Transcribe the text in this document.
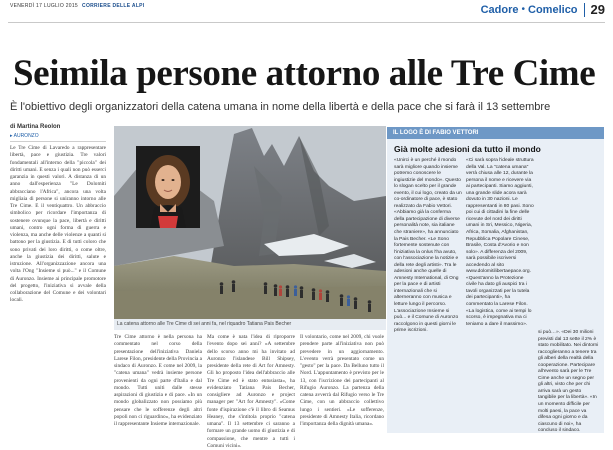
VENERDÌ 17 LUGLIO 2015 CORRIERE DELLE ALPI	Cadore • Comelico 29
Seimila persone attorno alle Tre Cime
È l'obiettivo degli organizzatori della catena umana in nome della libertà e della pace che si farà il 13 settembre
di Martina Reolon
▸ AURONZO

Le Tre Cime di Lavaredo a rappresentare libertà, pace e giustizia. Tre valori fondamentali all'interno della "piccola" dei diritti umani. E senza i quali non può esserci garanzia in questi valori. A distanza di un anno dall'esperienza "Le Dolomiti abbracciano l'Africa", ancora una volta migliaia di persone si uniranno intorno alle Tre Cime. E il ventiquattro. Un abbraccio simbolico per ricordare l'importanza di sostenere ovunque la pace, libertà e diritti umani, contro ogni forma di guerra e violenza, ma anche delle violenze a quanti si battono per la giustizia. E di tutti coloro che sono privati dei loro diritti, o come oltre, anche la giustizia dei diritti, salute e istruzione. All'organizzazione ancora una volta l'Ong "Insieme si può..." e il Comune di Auronzo. Insieme ai principale promotore del progetto, l'iniziativa si avvale della collaborazione del Comune e dei volontari locali.

Tre Cime attorno è nella persona ha commentato nel corso della presentazione dell'iniziativa Daniela Larese Filon, presidente della Provincia a sindaco di Auronzo. E come nel 2009, la "catena umana" vedrà insieme persone provenienti da ogni parte d'Italia e dal mondo. Tutti uniti dalle stesse aspirazioni di giustizia e di pace. «In un mondo globalizzato non possiamo più pensare che le sofferenze degli altri popoli non ci riguardino», ha evidenziato il rappresentante Insieme internazionale.

Ma come è nata l'idea di riproporre l'evento dopo sei anni? «A settembre dello scorso anno mi ha invitato ad Auronzo l'islandese Bill Shipsey, presidente della rete di Art for Amnesty. Gli ho proposto l'idea dell'abbraccio alle Tre Cime ed è stato entusiasta», ha evidenziato Tatiana Pais Becher, consigliere ad Auronzo e project manager per "Art for Amnesty". «Come fonte d'ispirazione c'è il libro di Seamus Heaney, che s'intitola proprio "catena umana". Il 13 settembre ci saranno a formare un grande uomo di giustizia e di compassione, che mentre a tutti i Comuni vicini».

Il volontario, come nel 2009, chi vuole prendere parte all'iniziativa non può prevedere in un aggiornamento. L'evento verrà presentato come un "gesto" per la pace. Da Belluno tutto il Nord. L'appuntamento è previsto per le 13, con l'iscrizione dei partecipanti al Rifugio Auronzo. La partenza della catena avverrà dal Rifugio verso le Tre Cime, con un abbraccio collettivo lungo i sentieri. «Le sofferenze, presidente di Amnesty Italia, ricordano l'importanza della dignità umana».

La catena attorno alle Tre Cime di sei anni fa, nel riquadro Tatiana Pais Becher
IL LOGO È DI FABIO VETTORI
Già molte adesioni da tutto il mondo

«Unirci è un perché il mondo sarà migliore quando insieme potremo conoscere le ingiustizie del mondo». Questo lo slogan scelto per il grande evento, il cui logo, creato da un co-ordinatore di pace, è stato realizzato da Fabio Vettori. «Abbiamo già la conferma della partecipazione di diverse personalità note, sia italiane che straniere», ha annunciato la Pais Becher. «Le Sono fortemente sostenute con l'iniziativa la onlus l'ha avuto, con l'associazione la notizie e della rete degli artisti». Tra le adesioni anche quelle di Amnesty International, di Ong per la pace e di artisti internazionali che si alterneranno con musica e letture lungo il percorso. L'associazione Insieme si può... e il Comune di Auronzo raccolgono in questi giorni le prime iscrizioni.

«Ci sarà sopra l'ideale struttura della Val. La "catena umana" verrà chiusa alle 12, durante la persona il nome e ricevere via ai partecipanti. Siamo aggiunti, una grande slide acora sarà dovuto in 30 nazioni. Le rappresentanti in 80 pasi. Sono poi cui di cittadini la fine delle ricevute del nord dei diritti umani in Sri, Messico, Nigeria, Africa, Somalia, Afghanistan, Repubblica Popolare Cinese, Brasile, Costa d'Avorio e non solo». A differenza del 2009, sarà possibile iscriversi accedendo al sito www.dolomitilibertaepace.org. «Quest'anno la Protezione civile ha dato gli auspici tra i tavoli organizzati per la tutela dei partecipanti», ha commentato la Larese Filon. «La logistica, come ai tempi lo scorso, è impegnativa ma ci teniamo a dare il massimo».

si può…». «Dei 30 milioni previsti dal 13 sette il 2% è stato mobilitato. Nei dintorni raccoglieranno a tenere tra gli alberi della realtà della cooperazione. Partecipare all'evento sarà per le Tre Cime anche un segno per gli altri, visto che per chi arriva sarà un gesto tangibile per la libertà». «In un momento difficile per molti paesi, la pace va difesa ogni giorno e da ciascuno di noi», ha concluso il sindaco.
